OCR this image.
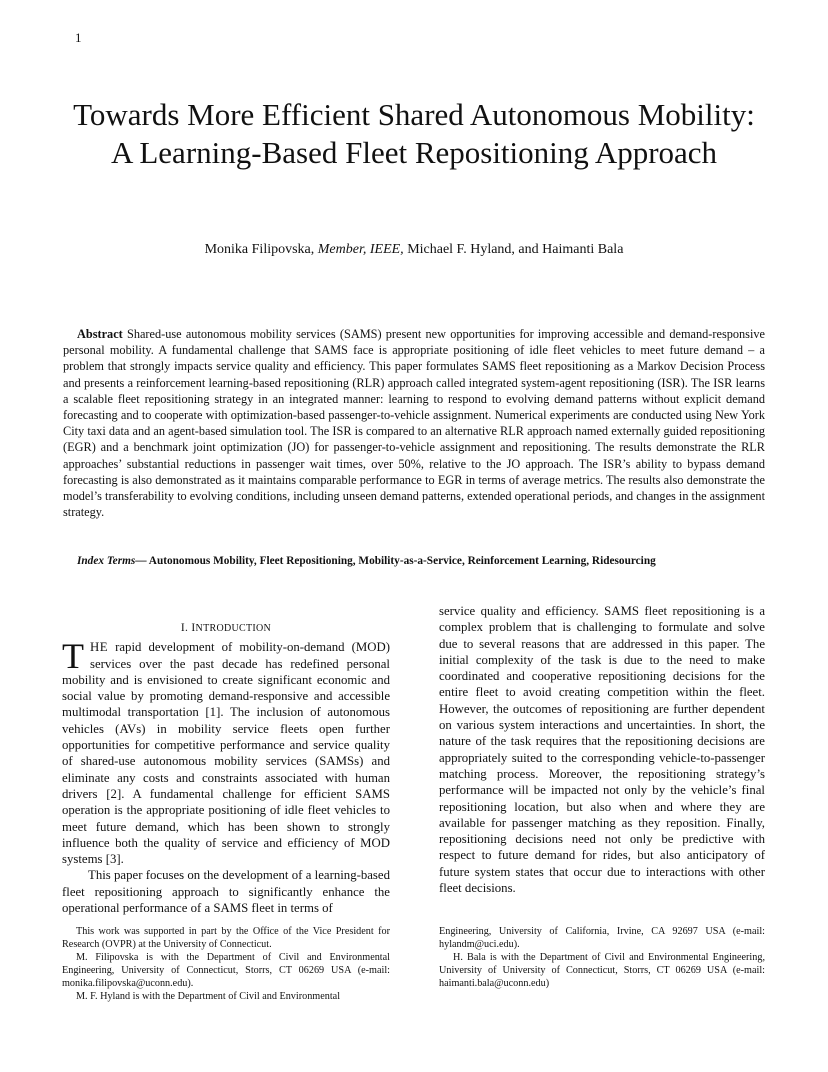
1
Towards More Efficient Shared Autonomous Mobility: A Learning-Based Fleet Repositioning Approach
Monika Filipovska, Member, IEEE, Michael F. Hyland, and Haimanti Bala

Abstract Shared-use autonomous mobility services (SAMS) present new opportunities for improving accessible and demand-responsive personal mobility. A fundamental challenge that SAMS face is appropriate positioning of idle fleet vehicles to meet future demand – a problem that strongly impacts service quality and efficiency. This paper formulates SAMS fleet repositioning as a Markov Decision Process and presents a reinforcement learning-based repositioning (RLR) approach called integrated system-agent repositioning (ISR). The ISR learns a scalable fleet repositioning strategy in an integrated manner: learning to respond to evolving demand patterns without explicit demand forecasting and to cooperate with optimization-based passenger-to-vehicle assignment. Numerical experiments are conducted using New York City taxi data and an agent-based simulation tool. The ISR is compared to an alternative RLR approach named externally guided repositioning (EGR) and a benchmark joint optimization (JO) for passenger-to-vehicle assignment and repositioning. The results demonstrate the RLR approaches’ substantial reductions in passenger wait times, over 50%, relative to the JO approach. The ISR’s ability to bypass demand forecasting is also demonstrated as it maintains comparable performance to EGR in terms of average metrics. The results also demonstrate the model’s transferability to evolving conditions, including unseen demand patterns, extended operational periods, and changes in the assignment strategy.

Index Terms— Autonomous Mobility, Fleet Repositioning, Mobility-as-a-Service, Reinforcement Learning, Ridesourcing

I. INTRODUCTION

THE rapid development of mobility-on-demand (MOD) services over the past decade has redefined personal mobility and is envisioned to create significant economic and social value by promoting demand-responsive and accessible multimodal transportation [1]. The inclusion of autonomous vehicles (AVs) in mobility service fleets open further opportunities for competitive performance and service quality of shared-use autonomous mobility services (SAMSs) and eliminate any costs and constraints associated with human drivers [2]. A fundamental challenge for efficient SAMS operation is the appropriate positioning of idle fleet vehicles to meet future demand, which has been shown to strongly influence both the quality of service and efficiency of MOD systems [3].

This paper focuses on the development of a learning-based fleet repositioning approach to significantly enhance the operational performance of a SAMS fleet in terms of

service quality and efficiency. SAMS fleet repositioning is a complex problem that is challenging to formulate and solve due to several reasons that are addressed in this paper. The initial complexity of the task is due to the need to make coordinated and cooperative repositioning decisions for the entire fleet to avoid creating competition within the fleet. However, the outcomes of repositioning are further dependent on various system interactions and uncertainties. In short, the nature of the task requires that the repositioning decisions are appropriately suited to the corresponding vehicle-to-passenger matching process. Moreover, the repositioning strategy’s performance will be impacted not only by the vehicle’s final repositioning location, but also when and where they are available for passenger matching as they reposition. Finally, repositioning decisions need not only be predictive with respect to future demand for rides, but also anticipatory of future system states that occur due to interactions with other fleet decisions.

This work was supported in part by the Office of the Vice President for Research (OVPR) at the University of Connecticut.

M. Filipovska is with the Department of Civil and Environmental Engineering, University of Connecticut, Storrs, CT 06269 USA (e-mail: monika.filipovska@uconn.edu).

M. F. Hyland is with the Department of Civil and Environmental

Engineering, University of California, Irvine, CA 92697 USA (e-mail: hylandm@uci.edu).

H. Bala is with the Department of Civil and Environmental Engineering, University of University of Connecticut, Storrs, CT 06269 USA (e-mail: haimanti.bala@uconn.edu)
